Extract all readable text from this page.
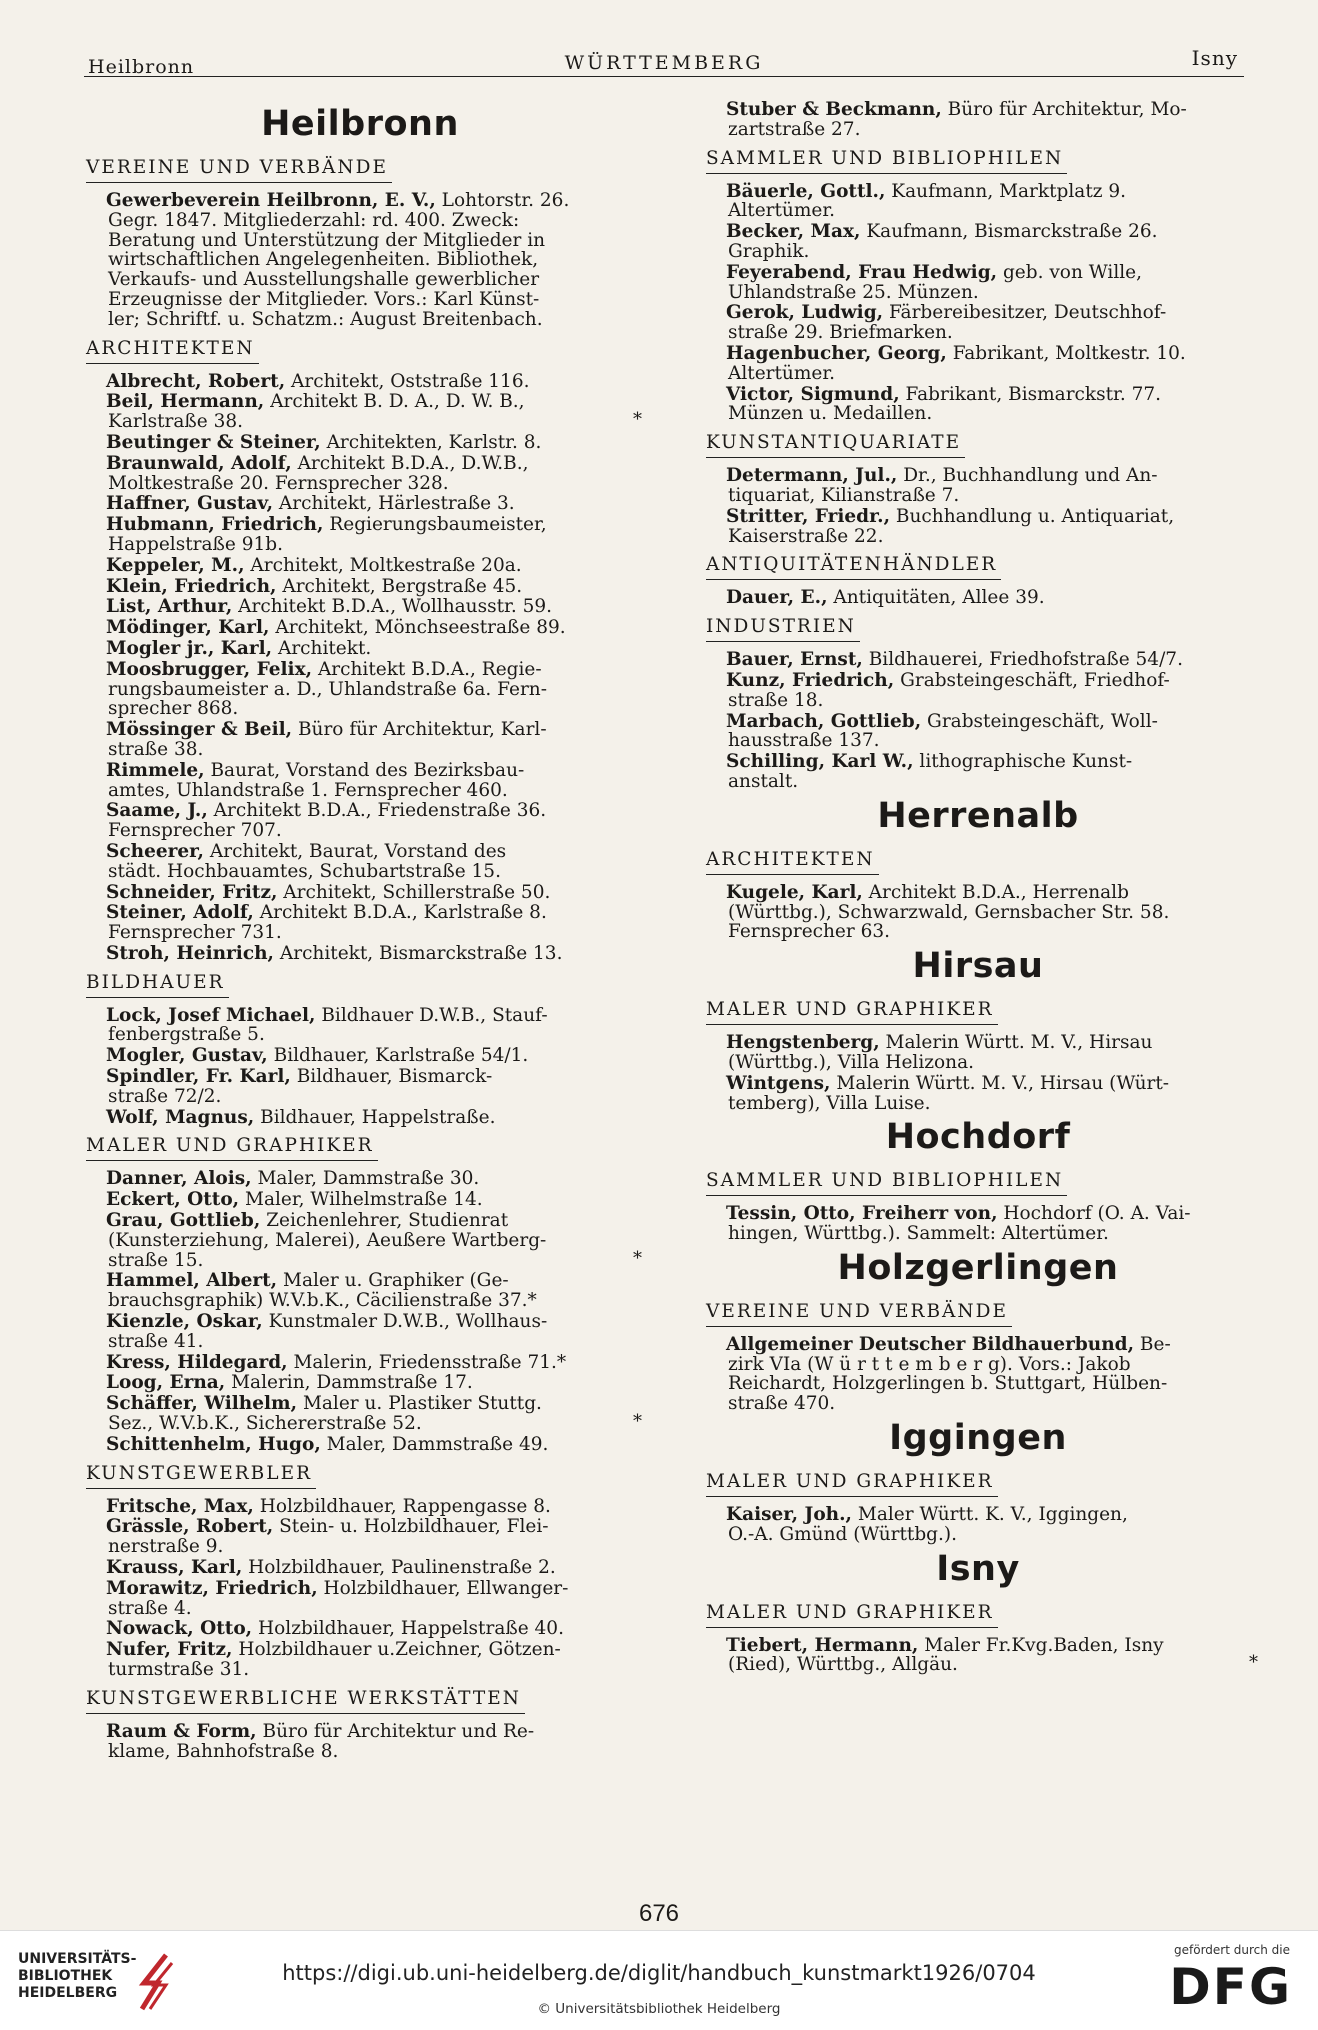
Heilbronn	WÜRTTEMBERG	Isny
Heilbronn
VEREINE UND VERBÄNDE
Gewerbeverein Heilbronn, E. V., Lohtorstr. 26.
Gegr. 1847. Mitgliederzahl: rd. 400. Zweck:
Beratung und Unterstützung der Mitglieder in
wirtschaftlichen Angelegenheiten. Bibliothek,
Verkaufs- und Ausstellungshalle gewerblicher
Erzeugnisse der Mitglieder. Vors.: Karl Künst-
ler; Schriftf. u. Schatzm.: August Breitenbach.
ARCHITEKTEN
Albrecht, Robert, Architekt, Oststraße 116.
Beil, Hermann, Architekt B. D. A., D. W. B.,
Karlstraße 38.	*
Beutinger & Steiner, Architekten, Karlstr. 8.
Braunwald, Adolf, Architekt B.D.A., D.W.B.,
Moltkestraße 20. Fernsprecher 328.
Haffner, Gustav, Architekt, Härlestraße 3.
Hubmann, Friedrich, Regierungsbaumeister,
Happelstraße 91b.
Keppeler, M., Architekt, Moltkestraße 20a.
Klein, Friedrich, Architekt, Bergstraße 45.
List, Arthur, Architekt B.D.A., Wollhausstr. 59.
Mödinger, Karl, Architekt, Mönchseestraße 89.
Mogler jr., Karl, Architekt.
Moosbrugger, Felix, Architekt B.D.A., Regie-
rungsbaumeister a. D., Uhlandstraße 6a. Fern-
sprecher 868.
Mössinger & Beil, Büro für Architektur, Karl-
straße 38.
Rimmele, Baurat, Vorstand des Bezirksbau-
amtes, Uhlandstraße 1. Fernsprecher 460.
Saame, J., Architekt B.D.A., Friedenstraße 36.
Fernsprecher 707.
Scheerer, Architekt, Baurat, Vorstand des
städt. Hochbauamtes, Schubartstraße 15.
Schneider, Fritz, Architekt, Schillerstraße 50.
Steiner, Adolf, Architekt B.D.A., Karlstraße 8.
Fernsprecher 731.
Stroh, Heinrich, Architekt, Bismarckstraße 13.
BILDHAUER
Lock, Josef Michael, Bildhauer D.W.B., Stauf-
fenbergstraße 5.
Mogler, Gustav, Bildhauer, Karlstraße 54/1.
Spindler, Fr. Karl, Bildhauer, Bismarck-
straße 72/2.
Wolf, Magnus, Bildhauer, Happelstraße.
MALER UND GRAPHIKER
Danner, Alois, Maler, Dammstraße 30.
Eckert, Otto, Maler, Wilhelmstraße 14.
Grau, Gottlieb, Zeichenlehrer, Studienrat
(Kunsterziehung, Malerei), Aeußere Wartberg-
straße 15.	*
Hammel, Albert, Maler u. Graphiker (Ge-
brauchsgraphik) W.V.b.K., Cäcilienstraße 37.*
Kienzle, Oskar, Kunstmaler D.W.B., Wollhaus-
straße 41.
Kress, Hildegard, Malerin, Friedensstraße 71.*
Loog, Erna, Malerin, Dammstraße 17.
Schäffer, Wilhelm, Maler u. Plastiker Stuttg.
Sez., W.V.b.K., Sichererstraße 52.	*
Schittenhelm, Hugo, Maler, Dammstraße 49.
KUNSTGEWERBLER
Fritsche, Max, Holzbildhauer, Rappengasse 8.
Grässle, Robert, Stein- u. Holzbildhauer, Flei-
nerstraße 9.
Krauss, Karl, Holzbildhauer, Paulinenstraße 2.
Morawitz, Friedrich, Holzbildhauer, Ellwanger-
straße 4.
Nowack, Otto, Holzbildhauer, Happelstraße 40.
Nufer, Fritz, Holzbildhauer u.Zeichner, Götzen-
turmstraße 31.
KUNSTGEWERBLICHE WERKSTÄTTEN
Raum & Form, Büro für Architektur und Re-
klame, Bahnhofstraße 8.
Stuber & Beckmann, Büro für Architektur, Mo-
zartstraße 27.
SAMMLER UND BIBLIOPHILEN
Bäuerle, Gottl., Kaufmann, Marktplatz 9.
Altertümer.
Becker, Max, Kaufmann, Bismarckstraße 26.
Graphik.
Feyerabend, Frau Hedwig, geb. von Wille,
Uhlandstraße 25. Münzen.
Gerok, Ludwig, Färbereibesitzer, Deutschhof-
straße 29. Briefmarken.
Hagenbucher, Georg, Fabrikant, Moltkestr. 10.
Altertümer.
Victor, Sigmund, Fabrikant, Bismarckstr. 77.
Münzen u. Medaillen.
KUNSTANTIQUARIATE
Determann, Jul., Dr., Buchhandlung und An-
tiquariat, Kilianstraße 7.
Stritter, Friedr., Buchhandlung u. Antiquariat,
Kaiserstraße 22.
ANTIQUITÄTENHÄNDLER
Dauer, E., Antiquitäten, Allee 39.
INDUSTRIEN
Bauer, Ernst, Bildhauerei, Friedhofstraße 54/7.
Kunz, Friedrich, Grabsteingeschäft, Friedhof-
straße 18.
Marbach, Gottlieb, Grabsteingeschäft, Woll-
hausstraße 137.
Schilling, Karl W., lithographische Kunst-
anstalt.
Herrenalb
ARCHITEKTEN
Kugele, Karl, Architekt B.D.A., Herrenalb
(Württbg.), Schwarzwald, Gernsbacher Str. 58.
Fernsprecher 63.
Hirsau
MALER UND GRAPHIKER
Hengstenberg, Malerin Württ. M. V., Hirsau
(Württbg.), Villa Helizona.
Wintgens, Malerin Württ. M. V., Hirsau (Würt-
temberg), Villa Luise.
Hochdorf
SAMMLER UND BIBLIOPHILEN
Tessin, Otto, Freiherr von, Hochdorf (O. A. Vai-
hingen, Württbg.). Sammelt: Altertümer.
Holzgerlingen
VEREINE UND VERBÄNDE
Allgemeiner Deutscher Bildhauerbund, Be-
zirk VIa (W ü r t t e m b e r g). Vors.: Jakob
Reichardt, Holzgerlingen b. Stuttgart, Hülben-
straße 470.
Iggingen
MALER UND GRAPHIKER
Kaiser, Joh., Maler Württ. K. V., Iggingen,
O.-A. Gmünd (Württbg.).
Isny
MALER UND GRAPHIKER
Tiebert, Hermann, Maler Fr.Kvg.Baden, Isny
(Ried), Württbg., Allgäu.	*
676
UNIVERSITÄTS-
BIBLIOTHEK
HEIDELBERG
https://digi.ub.uni-heidelberg.de/diglit/handbuch_kunstmarkt1926/0704
© Universitätsbibliothek Heidelberg
gefördert durch die
DFG
